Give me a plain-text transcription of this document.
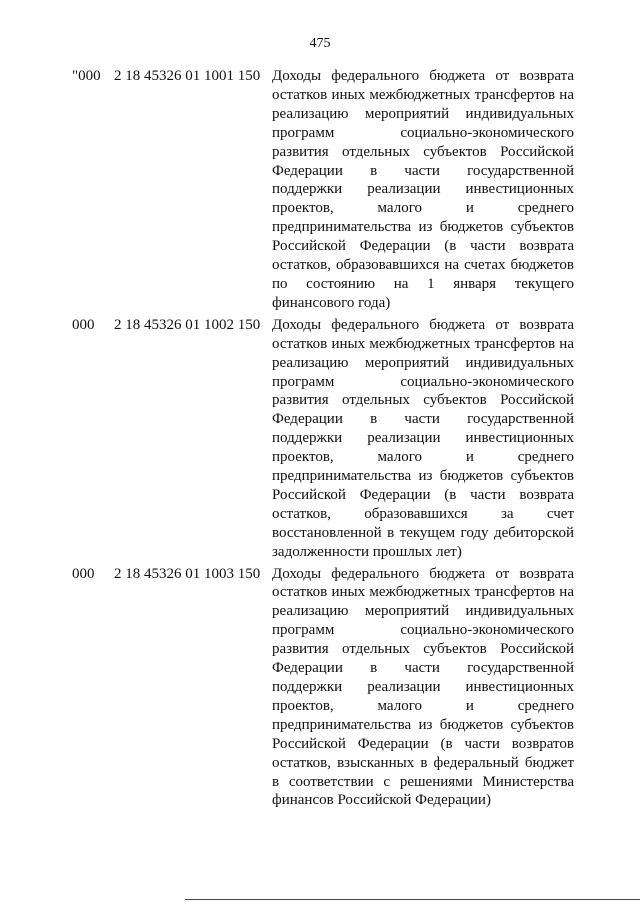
475
"000 2 18 45326 01 1001 150 Доходы федерального бюджета от возврата
остатков иных межбюджетных трансфертов на
реализацию мероприятий индивидуальных
программ социально-экономического
развития отдельных субъектов Российской
Федерации в части государственной
поддержки реализации инвестиционных
проектов, малого и среднего
предпринимательства из бюджетов субъектов
Российской Федерации (в части возврата
остатков, образовавшихся на счетах бюджетов
по состоянию на 1 января текущего
финансового года)
000 2 18 45326 01 1002 150 Доходы федерального бюджета от возврата
остатков иных межбюджетных трансфертов на
реализацию мероприятий индивидуальных
программ социально-экономического
развития отдельных субъектов Российской
Федерации в части государственной
поддержки реализации инвестиционных
проектов, малого и среднего
предпринимательства из бюджетов субъектов
Российской Федерации (в части возврата
остатков, образовавшихся за счет
восстановленной в текущем году дебиторской
задолженности прошлых лет)
000 2 18 45326 01 1003 150 Доходы федерального бюджета от возврата
остатков иных межбюджетных трансфертов на
реализацию мероприятий индивидуальных
программ социально-экономического
развития отдельных субъектов Российской
Федерации в части государственной
поддержки реализации инвестиционных
проектов, малого и среднего
предпринимательства из бюджетов субъектов
Российской Федерации (в части возвратов
остатков, взысканных в федеральный бюджет
в соответствии с решениями Министерства
финансов Российской Федерации)
